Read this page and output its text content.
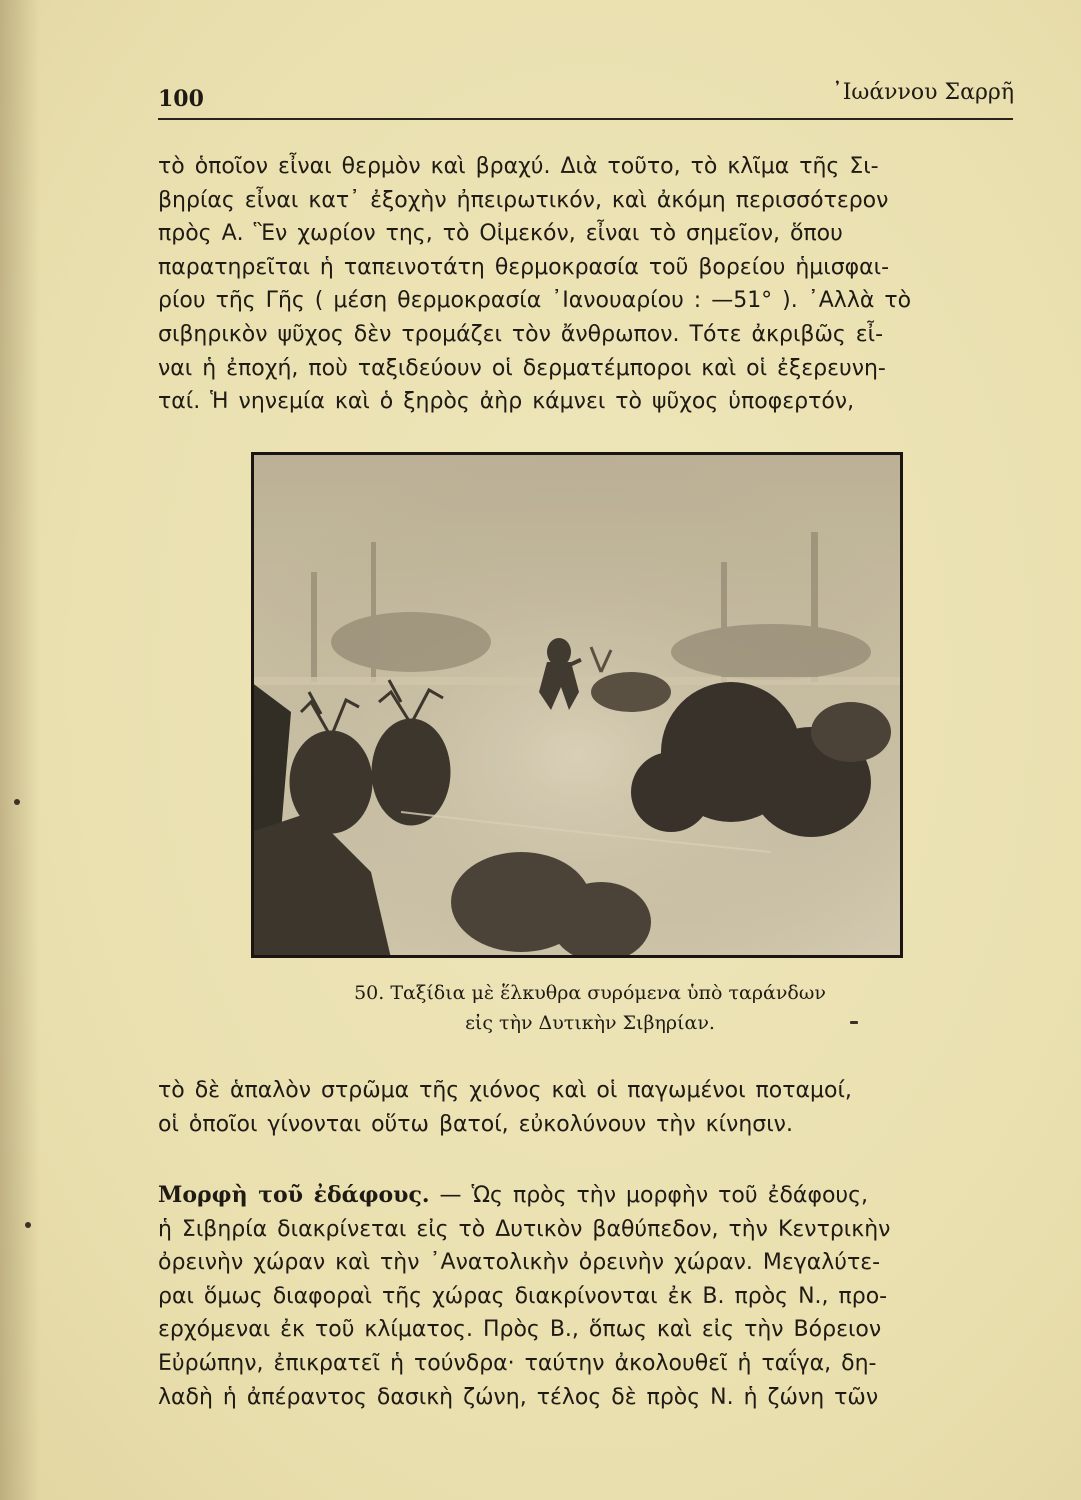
100	᾿Ιωάννου Σαρρῆ

τὸ ὁποῖον εἶναι θερμὸν καὶ βραχύ. Διὰ τοῦτο, τὸ κλῖμα τῆς Σι-
βηρίας εἶναι κατ᾿ ἐξοχὴν ἠπειρωτικόν, καὶ ἀκόμη περισσότερον
πρὸς Α. Ἓν χωρίον της, τὸ Οἰμεκόν, εἶναι τὸ σημεῖον, ὅπου
παρατηρεῖται ἡ ταπεινοτάτη θερμοκρασία τοῦ βορείου ἡμισφαι-
ρίου τῆς Γῆς ( μέση θερμοκρασία ᾿Ιανουαρίου : —51° ). ᾿Αλλὰ τὸ
σιβηρικὸν ψῦχος δὲν τρομάζει τὸν ἄνθρωπον. Τότε ἀκριβῶς εἶ-
ναι ἡ ἐποχή, ποὺ ταξιδεύουν οἱ δερματέμποροι καὶ οἱ ἐξερευνη-
ταί. Ἡ νηνεμία καὶ ὁ ξηρὸς ἀὴρ κάμνει τὸ ψῦχος ὑποφερτόν,

50. Ταξίδια μὲ ἕλκυθρα συρόμενα ὑπὸ ταράνδων
εἰς τὴν Δυτικὴν Σιβηρίαν.

τὸ δὲ ἁπαλὸν στρῶμα τῆς χιόνος καὶ οἱ παγωμένοι ποταμοί,
οἱ ὁποῖοι γίνονται οὕτω βατοί, εὐκολύνουν τὴν κίνησιν.

Μορφὴ τοῦ ἐδάφους. — Ὡς πρὸς τὴν μορφὴν τοῦ ἐδάφους,
ἡ Σιβηρία διακρίνεται εἰς τὸ Δυτικὸν βαθύπεδον, τὴν Κεντρικὴν
ὀρεινὴν χώραν καὶ τὴν ᾿Ανατολικὴν ὀρεινὴν χώραν. Μεγαλύτε-
ραι ὅμως διαφοραὶ τῆς χώρας διακρίνονται ἐκ Β. πρὸς Ν., προ-
ερχόμεναι ἐκ τοῦ κλίματος. Πρὸς Β., ὅπως καὶ εἰς τὴν Βόρειον
Εὐρώπην, ἐπικρατεῖ ἡ τούνδρα· ταύτην ἀκολουθεῖ ἡ ταΐγα, δη-
λαδὴ ἡ ἀπέραντος δασικὴ ζώνη, τέλος δὲ πρὸς Ν. ἡ ζώνη τῶν
